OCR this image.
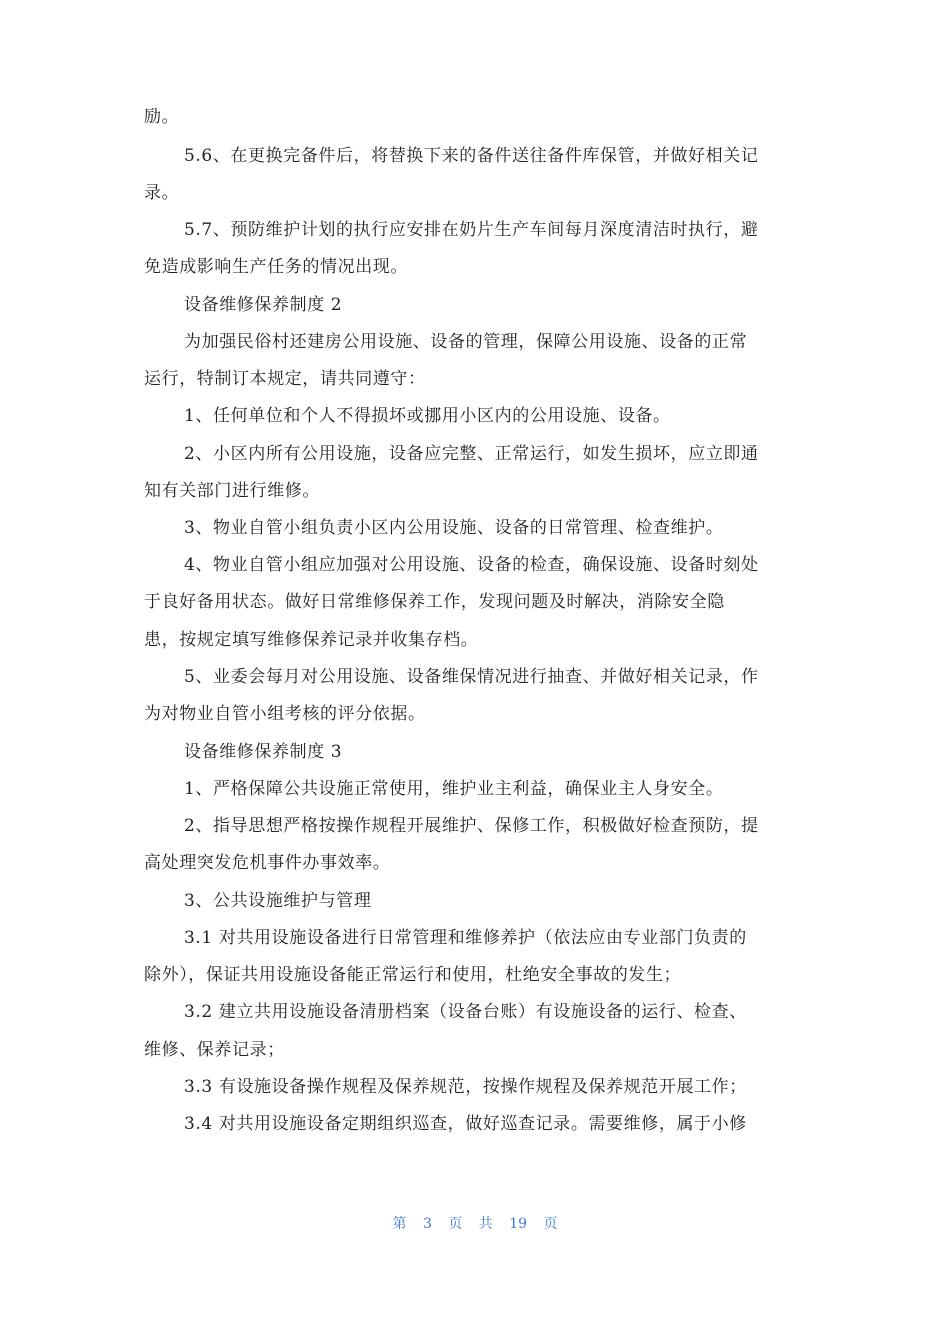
励。
5.6、在更换完备件后，将替换下来的备件送往备件库保管，并做好相关记
录。
5.7、预防维护计划的执行应安排在奶片生产车间每月深度清洁时执行，避
免造成影响生产任务的情况出现。
设备维修保养制度 2
为加强民俗村还建房公用设施、设备的管理，保障公用设施、设备的正常
运行，特制订本规定，请共同遵守：
1、任何单位和个人不得损坏或挪用小区内的公用设施、设备。
2、小区内所有公用设施，设备应完整、正常运行，如发生损坏，应立即通
知有关部门进行维修。
3、物业自管小组负责小区内公用设施、设备的日常管理、检查维护。
4、物业自管小组应加强对公用设施、设备的检查，确保设施、设备时刻处
于良好备用状态。做好日常维修保养工作，发现问题及时解决，消除安全隐
患，按规定填写维修保养记录并收集存档。
5、业委会每月对公用设施、设备维保情况进行抽查、并做好相关记录，作
为对物业自管小组考核的评分依据。
设备维修保养制度 3
1、严格保障公共设施正常使用，维护业主利益，确保业主人身安全。
2、指导思想严格按操作规程开展维护、保修工作，积极做好检查预防，提
高处理突发危机事件办事效率。
3、公共设施维护与管理
3.1 对共用设施设备进行日常管理和维修养护（依法应由专业部门负责的
除外），保证共用设施设备能正常运行和使用，杜绝安全事故的发生；
3.2 建立共用设施设备清册档案（设备台账）有设施设备的运行、检查、
维修、保养记录；
3.3 有设施设备操作规程及保养规范，按操作规程及保养规范开展工作；
3.4 对共用设施设备定期组织巡查，做好巡查记录。需要维修，属于小修
第 3 页 共 19 页
